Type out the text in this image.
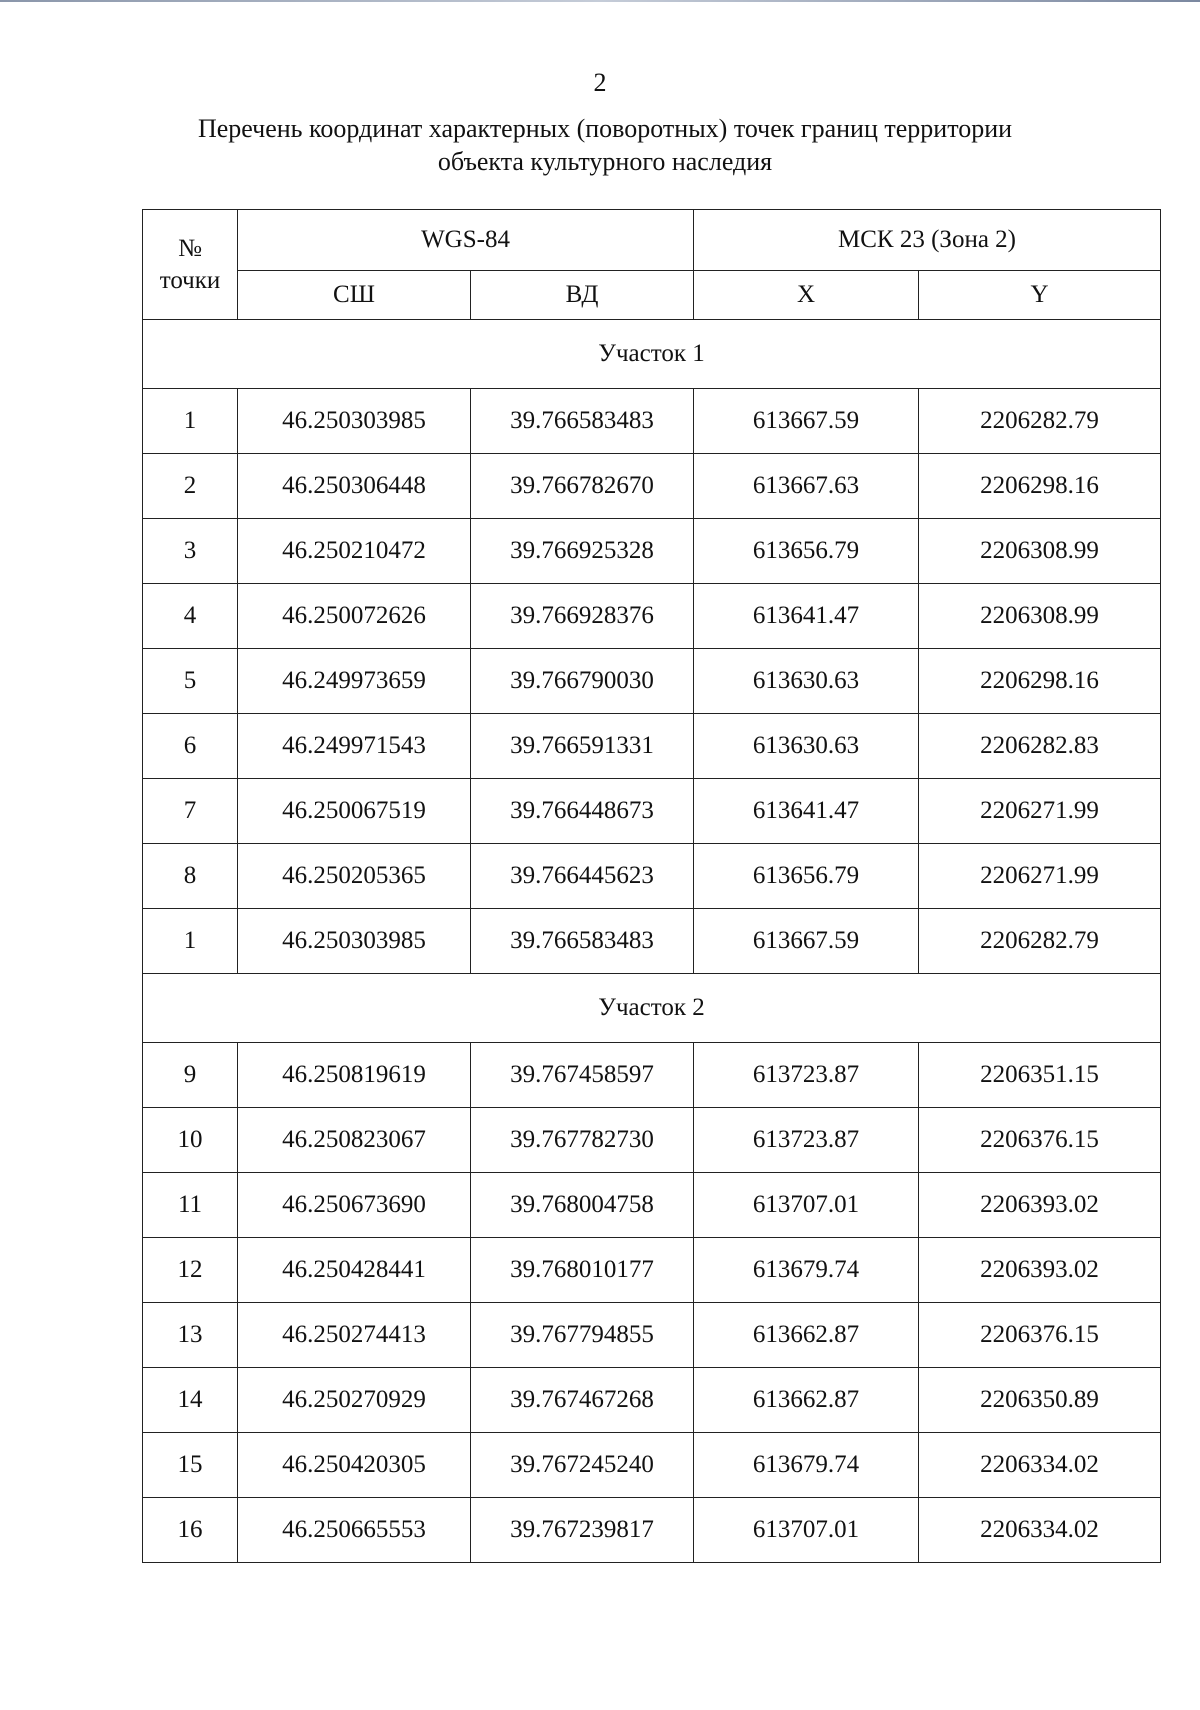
2
Перечень координат характерных (поворотных) точек границ территории
объекта культурного наследия
№
точки	WGS-84		МСК 23 (Зона 2)	
	СШ	ВД	X	Y
Участок 1				
1	46.250303985	39.766583483	613667.59	2206282.79
2	46.250306448	39.766782670	613667.63	2206298.16
3	46.250210472	39.766925328	613656.79	2206308.99
4	46.250072626	39.766928376	613641.47	2206308.99
5	46.249973659	39.766790030	613630.63	2206298.16
6	46.249971543	39.766591331	613630.63	2206282.83
7	46.250067519	39.766448673	613641.47	2206271.99
8	46.250205365	39.766445623	613656.79	2206271.99
1	46.250303985	39.766583483	613667.59	2206282.79
Участок 2				
9	46.250819619	39.767458597	613723.87	2206351.15
10	46.250823067	39.767782730	613723.87	2206376.15
11	46.250673690	39.768004758	613707.01	2206393.02
12	46.250428441	39.768010177	613679.74	2206393.02
13	46.250274413	39.767794855	613662.87	2206376.15
14	46.250270929	39.767467268	613662.87	2206350.89
15	46.250420305	39.767245240	613679.74	2206334.02
16	46.250665553	39.767239817	613707.01	2206334.02
